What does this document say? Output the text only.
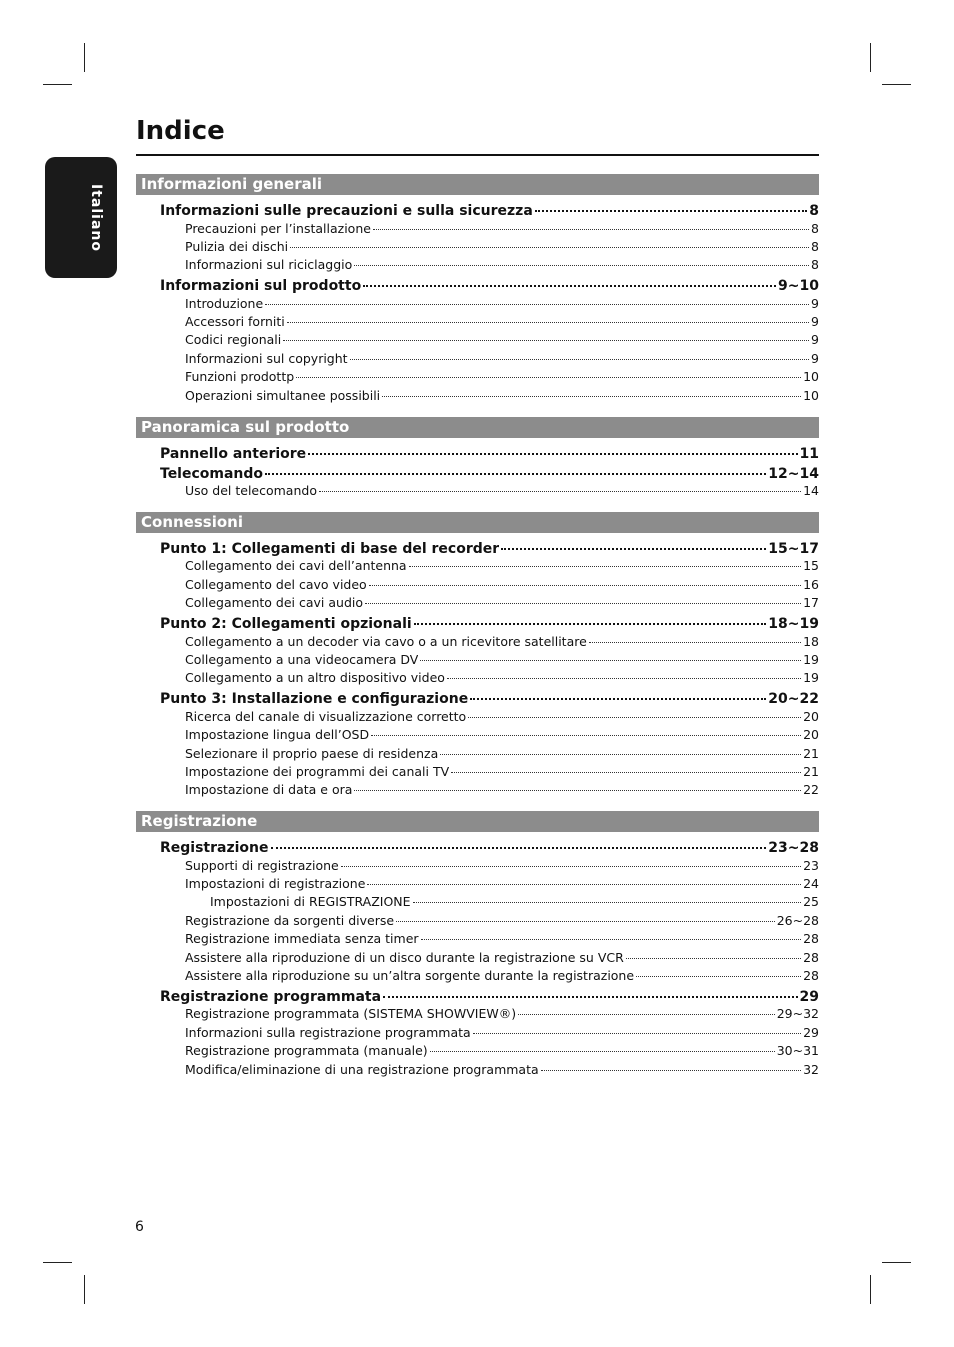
Italiano
Indice
Informazioni generali
Informazioni sulle precauzioni e sulla sicurezza	8
Precauzioni per l’installazione	8
Pulizia dei dischi	8
Informazioni sul riciclaggio	8
Informazioni sul prodotto	9~10
Introduzione	9
Accessori forniti	9
Codici regionali	9
Informazioni sul copyright	9
Funzioni prodottp	10
Operazioni simultanee possibili	10
Panoramica sul prodotto
Pannello anteriore	11
Telecomando	12~14
Uso del telecomando	14
Connessioni
Punto 1: Collegamenti di base del recorder	15~17
Collegamento dei cavi dell’antenna	15
Collegamento del cavo video	16
Collegamento dei cavi audio	17
Punto 2: Collegamenti opzionali	18~19
Collegamento a un decoder via cavo o a un ricevitore satellitare	18
Collegamento a una videocamera DV	19
Collegamento a un altro dispositivo video	19
Punto 3: Installazione e configurazione	20~22
Ricerca del canale di visualizzazione corretto	20
Impostazione lingua dell’OSD	20
Selezionare il proprio paese di residenza	21
Impostazione dei programmi dei canali TV	21
Impostazione di data e ora	22
Registrazione
Registrazione	23~28
Supporti di registrazione	23
Impostazioni di registrazione	24
Impostazioni di REGISTRAZIONE	25
Registrazione da sorgenti diverse	26~28
Registrazione immediata senza timer	28
Assistere alla riproduzione di un disco durante la registrazione su VCR	28
Assistere alla riproduzione su un’altra sorgente durante la registrazione	28
Registrazione programmata	29
Registrazione programmata (SISTEMA SHOWVIEW®)	29~32
Informazioni sulla registrazione programmata	29
Registrazione programmata (manuale)	30~31
Modifica/eliminazione di una registrazione programmata	32
6
